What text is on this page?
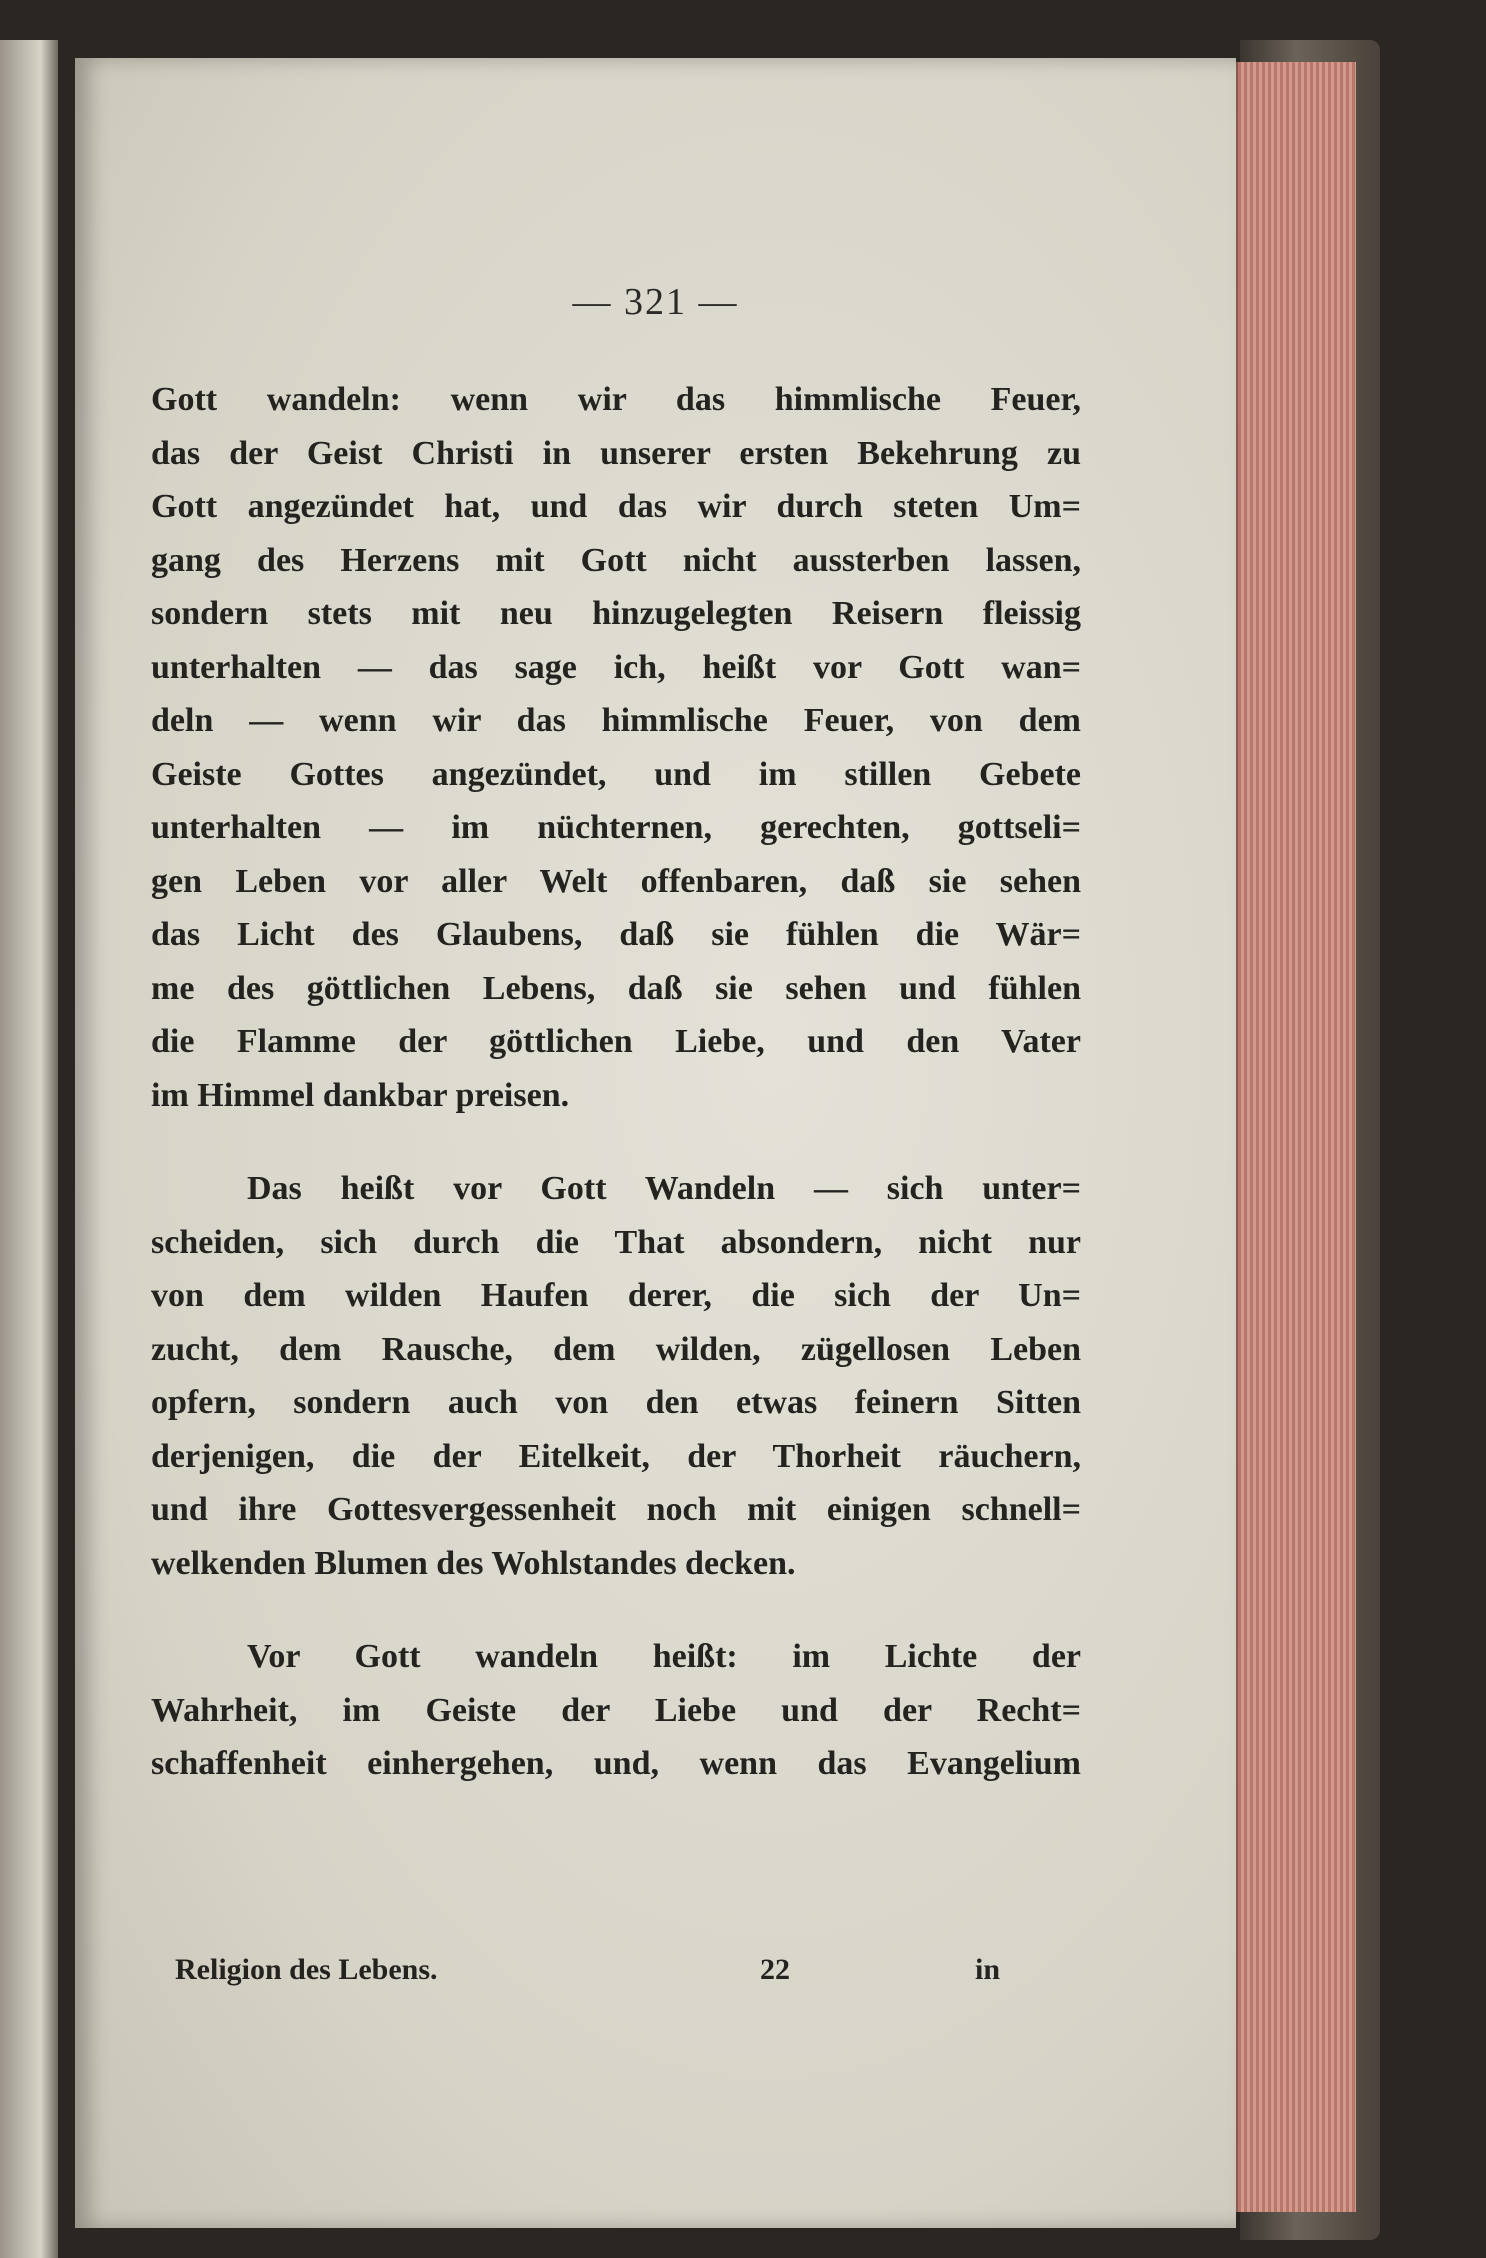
— 321 —
Gott wandeln: wenn wir das himmlische Feuer,
das der Geist Christi in unserer ersten Bekehrung zu
Gott angezündet hat, und das wir durch steten Um=
gang des Herzens mit Gott nicht aussterben lassen,
sondern stets mit neu hinzugelegten Reisern fleissig
unterhalten — das sage ich, heißt vor Gott wan=
deln — wenn wir das himmlische Feuer, von dem
Geiste Gottes angezündet, und im stillen Gebete
unterhalten — im nüchternen, gerechten, gottseli=
gen Leben vor aller Welt offenbaren, daß sie sehen
das Licht des Glaubens, daß sie fühlen die Wär=
me des göttlichen Lebens, daß sie sehen und fühlen
die Flamme der göttlichen Liebe, und den Vater
im Himmel dankbar preisen.
Das heißt vor Gott Wandeln — sich unter=
scheiden, sich durch die That absondern, nicht nur
von dem wilden Haufen derer, die sich der Un=
zucht, dem Rausche, dem wilden, zügellosen Leben
opfern, sondern auch von den etwas feinern Sitten
derjenigen, die der Eitelkeit, der Thorheit räuchern,
und ihre Gottesvergessenheit noch mit einigen schnell=
welkenden Blumen des Wohlstandes decken.
Vor Gott wandeln heißt: im Lichte der
Wahrheit, im Geiste der Liebe und der Recht=
schaffenheit einhergehen, und, wenn das Evangelium
Religion des Lebens.	22	in
